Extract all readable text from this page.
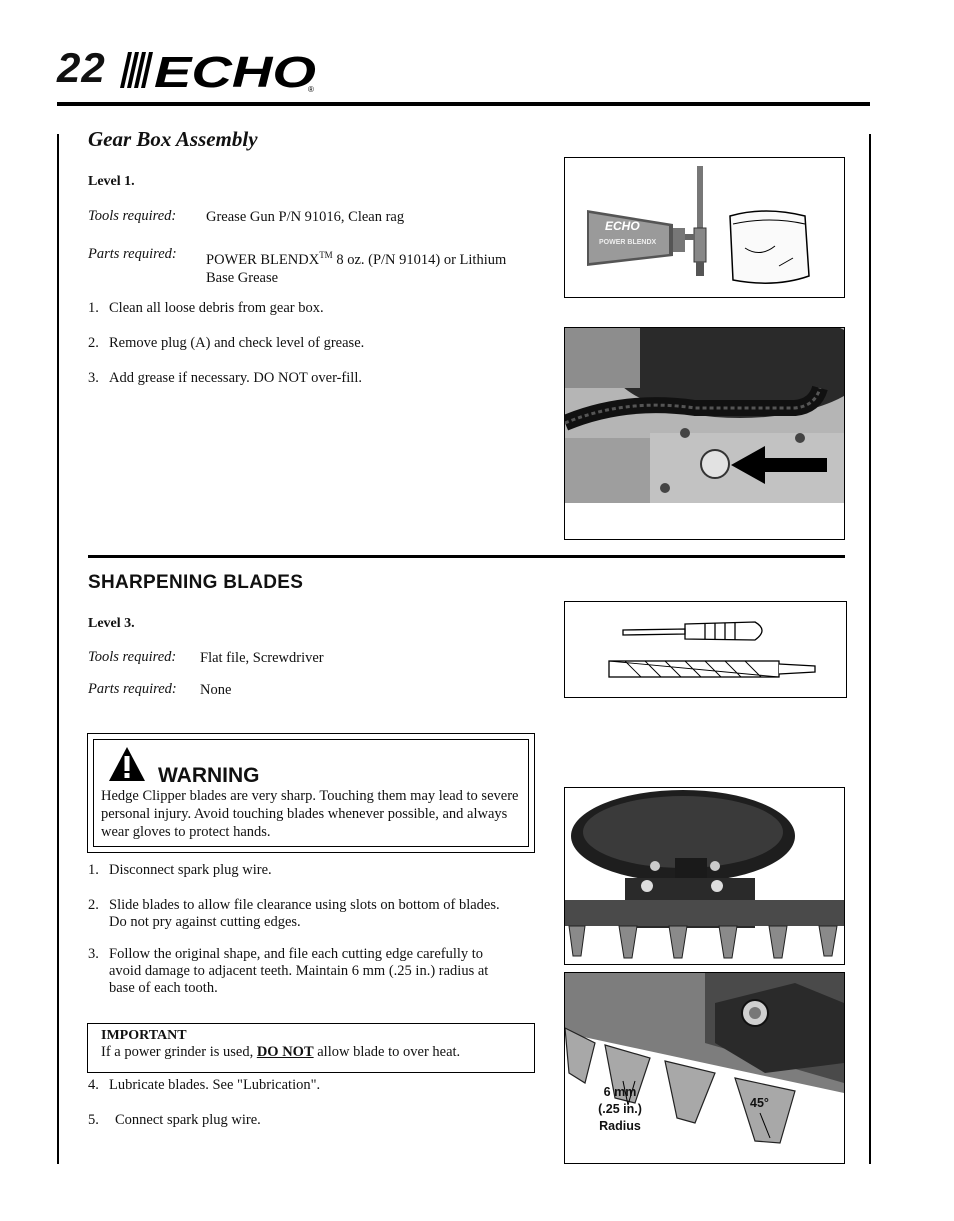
22 ECHO
®
Gear Box Assembly
Level 1.
Tools required: Grease Gun P/N 91016, Clean rag
Parts required: POWER BLENDX™ 8 oz. (P/N 91014) or Lithium
Base Grease
1. Clean all loose debris from gear box.
2. Remove plug (A) and check level of grease.
3. Add grease if necessary. DO NOT over-fill.
ECHO
POWER BLENDX
SHARPENING BLADES
Level 3.
Tools required: Flat file, Screwdriver
Parts required: None
WARNING
Hedge Clipper blades are very sharp. Touching them may lead to severe personal injury. Avoid touching blades whenever possible, and always wear gloves to protect hands.
1. Disconnect spark plug wire.
2. Slide blades to allow file clearance using slots on bottom of blades.
Do not pry against cutting edges.
3. Follow the original shape, and file each cutting edge carefully to
avoid damage to adjacent teeth. Maintain 6 mm (.25 in.) radius at
base of each tooth.
IMPORTANT
If a power grinder is used, DO NOT allow blade to over heat.
4. Lubricate blades. See "Lubrication".
5. Connect spark plug wire.
6 mm
(.25 in.)
Radius
45°
